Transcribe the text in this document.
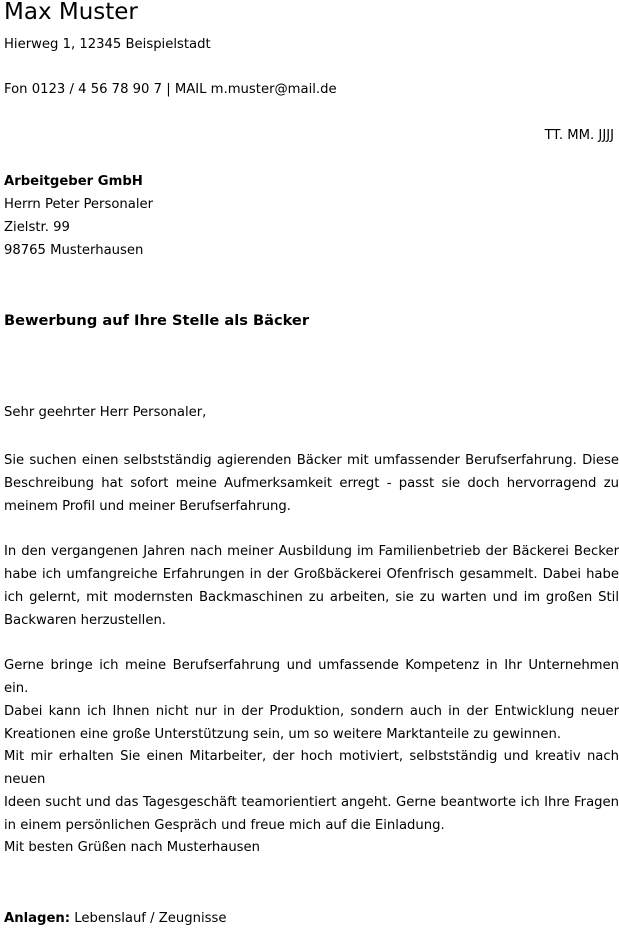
Max Muster
Hierweg 1, 12345 Beispielstadt
Fon 0123 / 4 56 78 90 7 | MAIL m.muster@mail.de
TT. MM. JJJJ
Arbeitgeber GmbH
Herrn Peter Personaler
Zielstr. 99
98765 Musterhausen
Bewerbung auf Ihre Stelle als Bäcker
Sehr geehrter Herr Personaler,
Sie suchen einen selbstständig agierenden Bäcker mit umfassender Berufserfahrung. Diese
Beschreibung hat sofort meine Aufmerksamkeit erregt - passt sie doch hervorragend zu
meinem Profil und meiner Berufserfahrung.
In den vergangenen Jahren nach meiner Ausbildung im Familienbetrieb der Bäckerei Becker
habe ich umfangreiche Erfahrungen in der Großbäckerei Ofenfrisch gesammelt. Dabei habe
ich gelernt, mit modernsten Backmaschinen zu arbeiten, sie zu warten und im großen Stil
Backwaren herzustellen.
Gerne bringe ich meine Berufserfahrung und umfassende Kompetenz in Ihr Unternehmen ein.
Dabei kann ich Ihnen nicht nur in der Produktion, sondern auch in der Entwicklung neuer
Kreationen eine große Unterstützung sein, um so weitere Marktanteile zu gewinnen.
Mit mir erhalten Sie einen Mitarbeiter, der hoch motiviert, selbstständig und kreativ nach neuen
Ideen sucht und das Tagesgeschäft teamorientiert angeht. Gerne beantworte ich Ihre Fragen
in einem persönlichen Gespräch und freue mich auf die Einladung.
Mit besten Grüßen nach Musterhausen
Anlagen: Lebenslauf / Zeugnisse
